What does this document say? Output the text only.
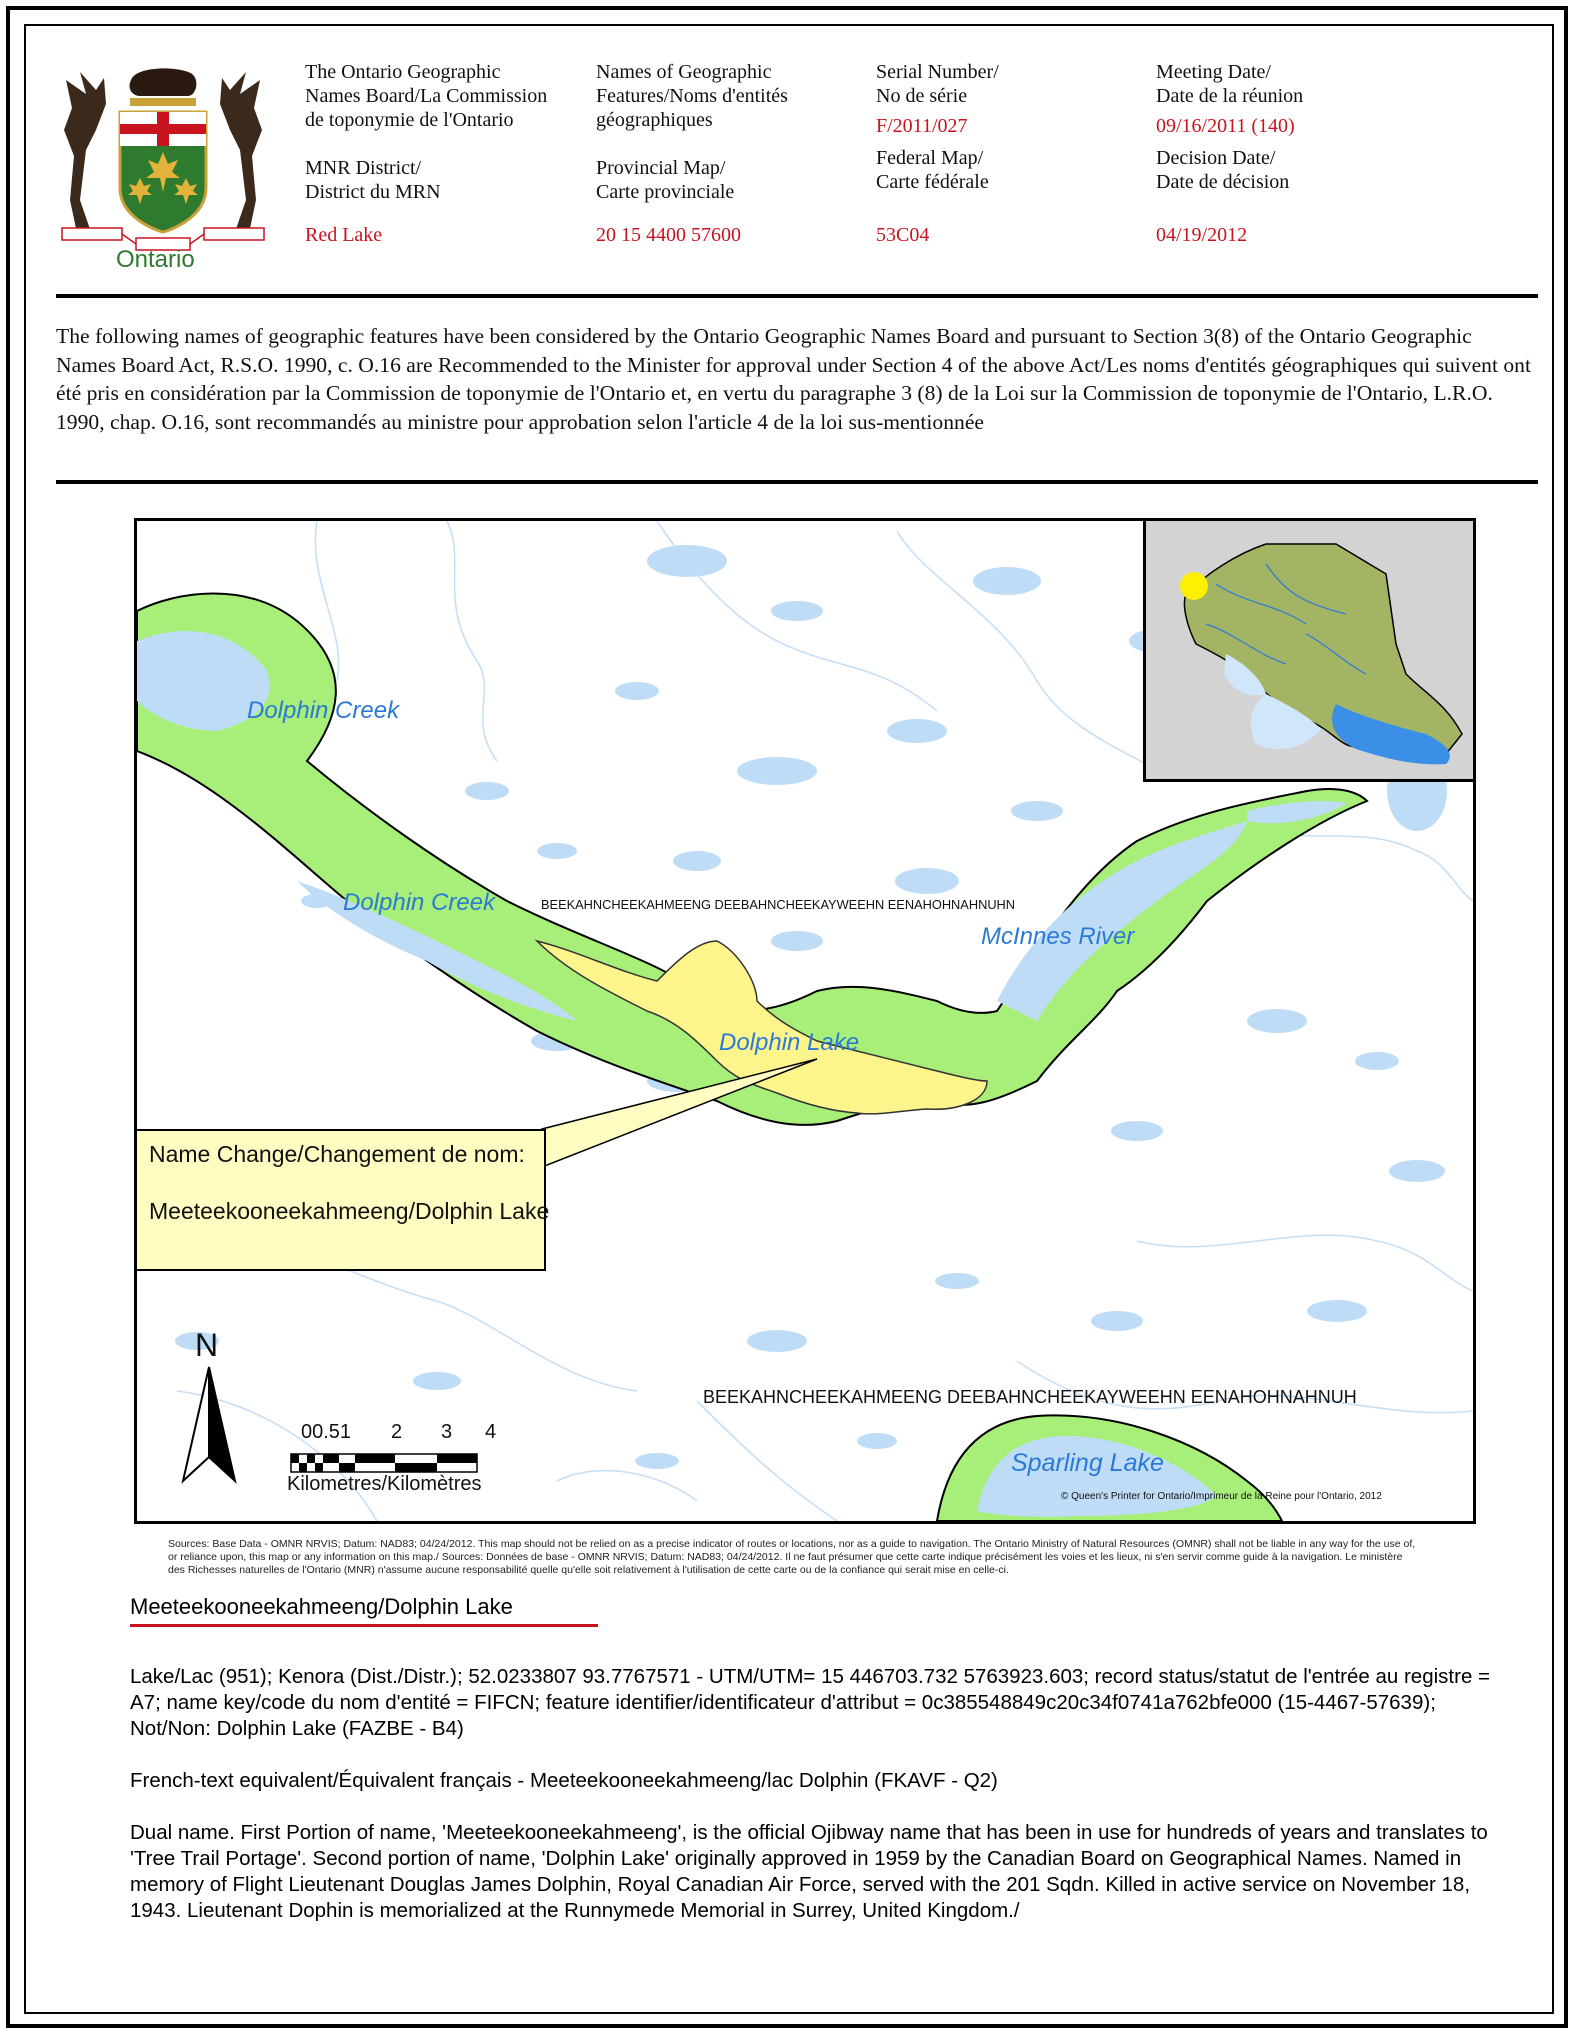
Ontario
The Ontario Geographic
Names Board/La Commission
de toponymie de l'Ontario
MNR District/
District du MRN
Red Lake
Names of Geographic
Features/Noms d'entités
géographiques
Provincial Map/
Carte provinciale
20 15 4400 57600
Serial Number/
No de série
F/2011/027
Federal Map/
Carte fédérale
53C04
Meeting Date/
Date de la réunion
09/16/2011 (140)
Decision Date/
Date de décision
04/19/2012
The following names of geographic features have been considered by the Ontario Geographic Names Board and pursuant to Section 3(8) of the Ontario Geographic Names Board Act, R.S.O. 1990, c. O.16 are Recommended to the Minister for approval under Section 4 of the above Act/Les noms d'entités géographiques qui suivent ont été pris en considération par la Commission de toponymie de l'Ontario et, en vertu du paragraphe 3 (8) de la Loi sur la Commission de toponymie de l'Ontario, L.R.O. 1990, chap. O.16, sont recommandés au ministre pour approbation selon l'article 4 de la loi sus-mentionnée
Dolphin Creek
Dolphin Creek	BEEKAHNCHEEKAHMEENG DEEBAHNCHEEKAYWEEHN EENAHOHNAHNUHN
McInnes River
Dolphin Lake
BEEKAHNCHEEKAHMEENG DEEBAHNCHEEKAYWEEHN EENAHOHNAHNUH
Sparling Lake
© Queen's Printer for Ontario/Imprimeur de la Reine pour l'Ontario, 2012
Name Change/Changement de nom:
Meeteekooneekahmeeng/Dolphin Lake
N
00.51 2 3 4
Kilometres/Kilomètres
Sources: Base Data - OMNR NRVIS; Datum: NAD83; 04/24/2012. This map should not be relied on as a precise indicator of routes or locations, nor as a guide to navigation. The Ontario Ministry of Natural Resources (OMNR) shall not be liable in any way for the use of, or reliance upon, this map or any information on this map./ Sources: Données de base - OMNR NRVIS; Datum: NAD83; 04/24/2012. Il ne faut présumer que cette carte indique précisément les voies et les lieux, ni s'en servir comme guide à la navigation. Le ministère des Richesses naturelles de l'Ontario (MNR) n'assume aucune responsabilité quelle qu'elle soit relativement à l'utilisation de cette carte ou de la confiance qui serait mise en celle-ci.
Meeteekooneekahmeeng/Dolphin Lake
Lake/Lac (951); Kenora (Dist./Distr.); 52.0233807 93.7767571 - UTM/UTM= 15 446703.732 5763923.603; record status/statut de l'entrée au registre = A7; name key/code du nom d'entité = FIFCN; feature identifier/identificateur d'attribut = 0c385548849c20c34f0741a762bfe000 (15-4467-57639); Not/Non: Dolphin Lake (FAZBE - B4)
French-text equivalent/Équivalent français - Meeteekooneekahmeeng/lac Dolphin (FKAVF - Q2)
Dual name. First Portion of name, 'Meeteekooneekahmeeng', is the official Ojibway name that has been in use for hundreds of years and translates to 'Tree Trail Portage'. Second portion of name, 'Dolphin Lake' originally approved in 1959 by the Canadian Board on Geographical Names. Named in memory of Flight Lieutenant Douglas James Dolphin, Royal Canadian Air Force, served with the 201 Sqdn. Killed in active service on November 18, 1943. Lieutenant Dophin is memorialized at the Runnymede Memorial in Surrey, United Kingdom./
